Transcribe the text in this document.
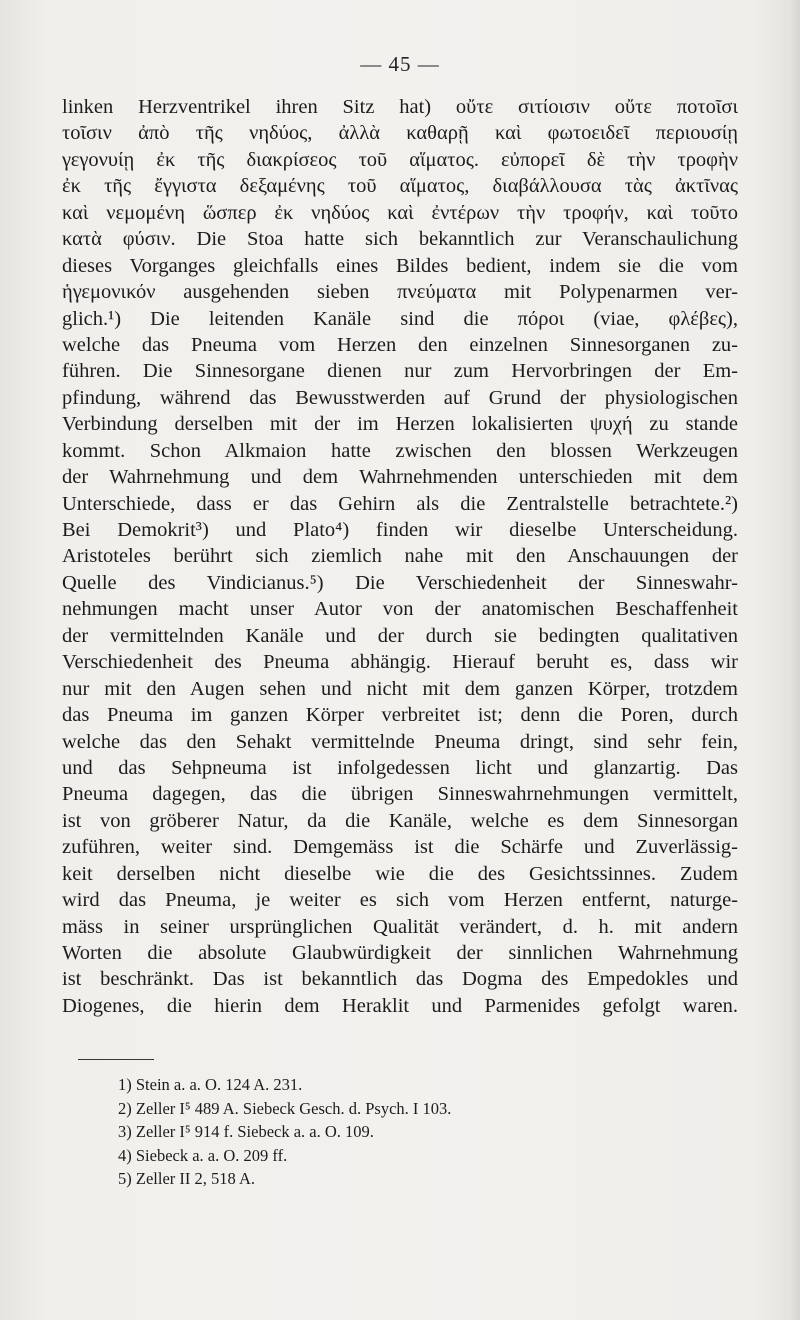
— 45 —
linken Herzventrikel ihren Sitz hat) οὔτε σιτίοισιν οὔτε ποτοῖσι
τοῖσιν ἀπὸ τῆς νηδύος, ἀλλὰ καθαρῇ καὶ φωτοειδεῖ περιουσίῃ
γεγονυίῃ ἐκ τῆς διακρίσεος τοῦ αἵματος. εὐπορεῖ δὲ τὴν τροφὴν
ἐκ τῆς ἔγγιστα δεξαμένης τοῦ αἵματος, διαβάλλουσα τὰς ἀκτῖνας
καὶ νεμομένη ὥσπερ ἐκ νηδύος καὶ ἐντέρων τὴν τροφήν, καὶ τοῦτο
κατὰ φύσιν. Die Stoa hatte sich bekanntlich zur Veranschaulichung
dieses Vorganges gleichfalls eines Bildes bedient, indem sie die vom
ἡγεμονικόν ausgehenden sieben πνεύματα mit Polypenarmen ver-
glich.¹) Die leitenden Kanäle sind die πόροι (viae, φλέβες),
welche das Pneuma vom Herzen den einzelnen Sinnesorganen zu-
führen. Die Sinnesorgane dienen nur zum Hervorbringen der Em-
pfindung, während das Bewusstwerden auf Grund der physiologischen
Verbindung derselben mit der im Herzen lokalisierten ψυχή zu stande
kommt. Schon Alkmaion hatte zwischen den blossen Werkzeugen
der Wahrnehmung und dem Wahrnehmenden unterschieden mit dem
Unterschiede, dass er das Gehirn als die Zentralstelle betrachtete.²)
Bei Demokrit³) und Plato⁴) finden wir dieselbe Unterscheidung.
Aristoteles berührt sich ziemlich nahe mit den Anschauungen der
Quelle des Vindicianus.⁵) Die Verschiedenheit der Sinneswahr-
nehmungen macht unser Autor von der anatomischen Beschaffenheit
der vermittelnden Kanäle und der durch sie bedingten qualitativen
Verschiedenheit des Pneuma abhängig. Hierauf beruht es, dass wir
nur mit den Augen sehen und nicht mit dem ganzen Körper, trotzdem
das Pneuma im ganzen Körper verbreitet ist; denn die Poren, durch
welche das den Sehakt vermittelnde Pneuma dringt, sind sehr fein,
und das Sehpneuma ist infolgedessen licht und glanzartig. Das
Pneuma dagegen, das die übrigen Sinneswahrnehmungen vermittelt,
ist von gröberer Natur, da die Kanäle, welche es dem Sinnesorgan
zuführen, weiter sind. Demgemäss ist die Schärfe und Zuverlässig-
keit derselben nicht dieselbe wie die des Gesichtssinnes. Zudem
wird das Pneuma, je weiter es sich vom Herzen entfernt, naturge-
mäss in seiner ursprünglichen Qualität verändert, d. h. mit andern
Worten die absolute Glaubwürdigkeit der sinnlichen Wahrnehmung
ist beschränkt. Das ist bekanntlich das Dogma des Empedokles und
Diogenes, die hierin dem Heraklit und Parmenides gefolgt waren.
1) Stein a. a. O. 124 A. 231.
2) Zeller I⁵ 489 A. Siebeck Gesch. d. Psych. I 103.
3) Zeller I⁵ 914 f. Siebeck a. a. O. 109.
4) Siebeck a. a. O. 209 ff.
5) Zeller II 2, 518 A.
